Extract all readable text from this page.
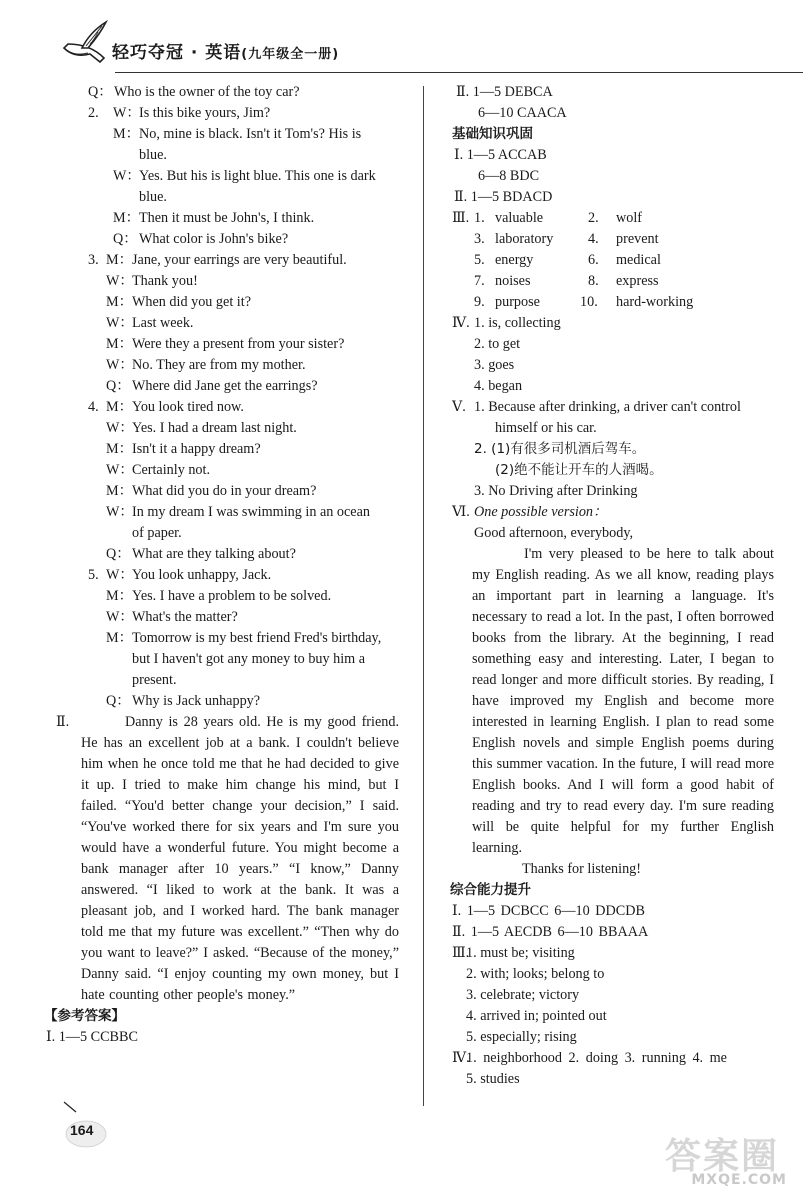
轻巧夺冠 · 英语(九年级全一册)
Q： Who is the owner of the toy car?
2. W：
Is this bike yours, Jim?
M： No, mine is black. Isn't it Tom's? His is
blue.
W：
Yes. But his is light blue. This one is dark
blue.
M： Then it must be John's, I think.
Q： What color is John's bike?
3. M： Jane, your earrings are very beautiful.
W：
Thank you!
M： When did you get it?
W：
Last week.
M： Were they a present from your sister?
W：
No. They are from my mother.
Q： Where did Jane get the earrings?
4. M： You look tired now.
W：
Yes. I had a dream last night.
M： Isn't it a happy dream?
W：
Certainly not.
M： What did you do in your dream?
W：
In my dream I was swimming in an ocean
of paper.
Q： What are they talking about?
5. W：
You look unhappy, Jack.
M： Yes. I have a problem to be solved.
W：
What's the matter?
M： Tomorrow is my best friend Fred's birthday,
but I haven't got any money to buy him a
present.
Q： Why is Jack unhappy?
Ⅱ.	Danny is 28 years old. He is my good friend. He has an excellent job at a bank. I couldn't believe him when he once told me that he had decided to give it up. I tried to make him change his mind, but I failed. “You'd better change your decision,” I said. “You've worked there for six years and I'm sure you would have a wonderful future. You might become a bank manager after 10 years.” “I know,” Danny answered. “I liked to work at the bank. It was a pleasant job, and I worked hard. The bank manager told me that my future was excellent.” “Then why do you want to leave?” I asked. “Because of the money,” Danny said. “I enjoy counting my own money, but I hate counting other people's money.”
【参考答案】
Ⅰ. 1—5 CCBBC
Ⅱ. 1—5 DEBCA
6—10 CAACA
基础知识巩固
Ⅰ. 1—5 ACCAB
6—8 BDC
Ⅱ. 1—5 BDACD
Ⅲ. 1. valuable	2. wolf
3. laboratory 4. prevent
5. energy	6. medical
7. noises	8. express
9. purpose	10. hard-working
Ⅳ. 1. is, collecting
2. to get
3. goes
4. began
Ⅴ. 1. Because after drinking, a driver can't control
himself or his car.
2. (1)有很多司机酒后驾车。
(2)绝不能让开车的人酒喝。
3. No Driving after Drinking
Ⅵ. One possible version：
Good afternoon, everybody,
I'm very pleased to be here to talk about my English reading. As we all know, reading plays an important part in learning a language. It's necessary to read a lot. In the past, I often borrowed books from the library. At the beginning, I read something easy and interesting. Later, I began to read longer and more difficult stories. By reading, I have improved my English and become more interested in learning English. I plan to read some English novels and simple English poems during this summer vacation. In the future, I will read more English books. And I will form a good habit of reading and try to read every day. I'm sure reading will be quite helpful for my further English learning.
Thanks for listening!
综合能力提升
Ⅰ. 1—5 DCBCC 6—10 DDCDB
Ⅱ. 1—5 AECDB 6—10 BBAAA
Ⅲ.
1. must be; visiting
2. with; looks; belong to
3. celebrate; victory
4. arrived in; pointed out
5. especially; rising
Ⅳ.
1. neighborhood 2. doing 3. running 4. me
5. studies
164
答案圈
MXQE.COM
